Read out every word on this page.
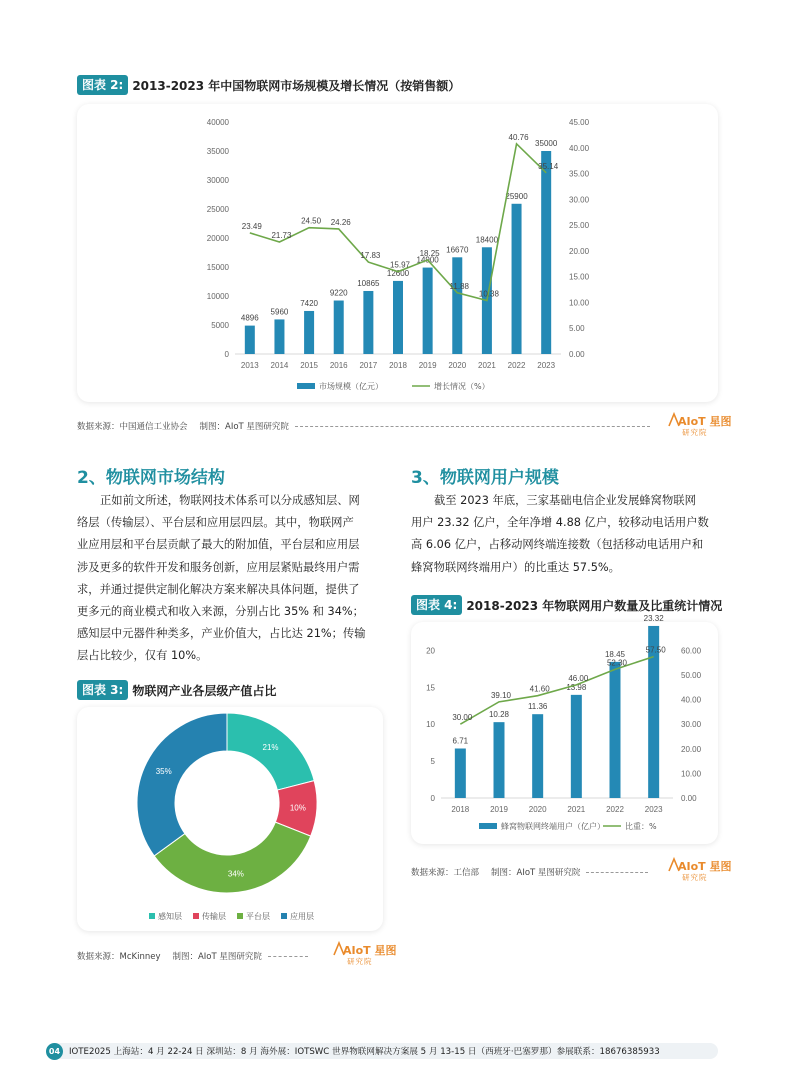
图表 2: 2013-2023 年中国物联网市场规模及增长情况（按销售额）
0
5000
10000
15000
20000
25000
30000
35000
40000
0.00
5.00
10.00
15.00
20.00
25.00
30.00
35.00
40.00
45.00
4896
2013
5960
2014
7420
2015
9220
2016
10865
2017
12600
2018
14900
2019
16670
2020
18400
2021
25900
2022
35000
2023
23.49
21.73
24.50 24.26
17.83
15.97
18.25
11.88
10.38
40.76
35.14
市场规模（亿元）	增长情况（%）
数据来源：中国通信工业协会 制图：AIoT 星图研究院	AIoT 星图
研究院
2、物联网市场结构
正如前文所述，物联网技术体系可以分成感知层、网
络层（传输层）、平台层和应用层四层。其中，物联网产
业应用层和平台层贡献了最大的附加值，平台层和应用层
涉及更多的软件开发和服务创新，应用层紧贴最终用户需
求，并通过提供定制化解决方案来解决具体问题，提供了
更多元的商业模式和收入来源，分别占比 35% 和 34%；
感知层中元器件种类多，产业价值大，占比达 21%；传输
层占比较少，仅有 10%。
3、物联网用户规模
截至 2023 年底，三家基础电信企业发展蜂窝物联网
用户 23.32 亿户，全年净增 4.88 亿户，较移动电话用户数
高 6.06 亿户，占移动网终端连接数（包括移动电话用户和
蜂窝物联网终端用户）的比重达 57.5%。
图表 3: 物联网产业各层级产值占比
21%
10%
34%
35%
感知层	传输层	平台层	应用层
数据来源：McKinney 制图：AIoT 星图研究院	AIoT 星图
研究院
图表 4: 2018-2023 年物联网用户数量及比重统计情况
0
5
10
15
20
0.00
10.00
20.00
30.00
40.00
50.00
60.00
6.71
2018
10.28
2019
11.36
2020
13.98
2021
18.45
2022
23.32
2023
30.00
39.10
41.60
46.00
52.30
57.50
蜂窝物联网终端用户（亿户）	比重：%
数据来源：工信部 制图：AIoT 星图研究院	AIoT 星图
研究院
04	IOTE2025 上海站：4 月 22-24 日 深圳站：8 月 海外展：IOTSWC 世界物联网解决方案展 5 月 13-15 日（西班牙·巴塞罗那）参展联系：18676385933
